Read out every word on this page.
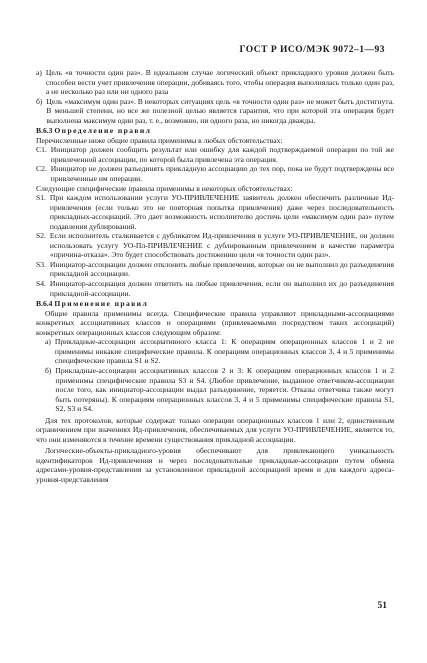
ГОСТ Р ИСО/МЭК 9072–1—93
а) Цель «в точности один раз». В идеальном случае логический объект прикладного уровня должен быть способен вести учет привлечения операции, добиваясь того, чтобы операция выполнялась только один раз, а не несколько раз или ни одного раза
б) Цель «максимум один раз». В некоторых ситуациях цель «в точности один раз» не может быть достигнута. В меньшей степени, но все же полезной целью является гарантия, что при которой эта операция будет выполнена максимум один раз, т. е., возможно, ни одного раза, но никогда дважды.

В.6.3 Определение правил

Перечисленные ниже общие правила применимы в любых обстоятельствах:

C1. Инициатор должен сообщить результат или ошибку для каждой подтверждаемой операции по той же привлеченной ассоциации, по которой была привлечена эта операция.
C2. Инициатор не должен разъединять прикладную ассоциацию до тех пор, пока не будут подтверждены все привлеченные им операции.

Следующие специфические правила применимы в некоторых обстоятельствах:

S1. При каждом использовании услуги УО-ПРИВЛЕЧЕНИЕ заявитель должен обеспечить различные Ид-привлечения (если только это не повторная попытка привлечения) даже через последовательность прикладных-ассоциаций. Это дает возможность исполнителю достичь цели «максимум один раз» путем подавления дублирований.
S2. Если исполнитель сталкивается с дубликатом Ид-привлечения в услуге УО-ПРИВЛЕЧЕНИЕ, он должен использовать услугу УО-Пл-ПРИВЛЕЧЕНИЕ с дублированным привлечением в качестве параметра «причина-отказа». Это будет способствовать достижению цели «в точности один раз».
S3. Инициатор-ассоциации должен отклонить любые привлечения, которые он не выполнил до разъединения прикладной ассоциации.
S4. Инициатор-ассоциация должен ответить на любые привлечения, если он выполнил их до разъединения прикладной-ассоциации.

В.6.4 Применение правил

Общие правила применимы всегда. Специфические правила управляют прикладными-ассоциациями конкретных ассоциативных классов и операциями (привлекаемыми посредством таких ассоциаций) конкретных операционных классов следующим образом:

а) Прикладные-ассоциации ассоциативного класса 1: К операциям операционных классов 1 и 2 не применимы никакие специфические правила. К операциям операционных классов 3, 4 и 5 применимы специфические правила S1 и S2.
б) Прикладные-ассоциации ассоциативных классов 2 и 3: К операциям операционных классов 1 и 2 применимы специфические правила S3 и S4. (Любое привлечение, выданное ответчиком-ассоциации после того, как инициатор-ассоциации выдал разъединение, теряется. Отказы ответчика также могут быть потеряны). К операциям операционных классов 3, 4 и 5 применимы специфические правила S1, S2, S3 и S4.

Для тех протоколов, которые содержат только операции операционных классов 1 или 2, единственным ограничением при значениях Ид-привлечения, обеспечиваемых для услуги УО-ПРИВЛЕЧЕНИЕ, является то, что они изменяются в течение времени существования прикладной ассоциации.

Логические-объекты-прикладного-уровня обеспечивают для привлекающего уникальность идентификаторов Ид-привлечения и через последовательные прикладные-ассоциации путем обмена адресами-уровня-представления за установленное прикладной ассоциацией время и для каждого адреса-уровня-представления

51
